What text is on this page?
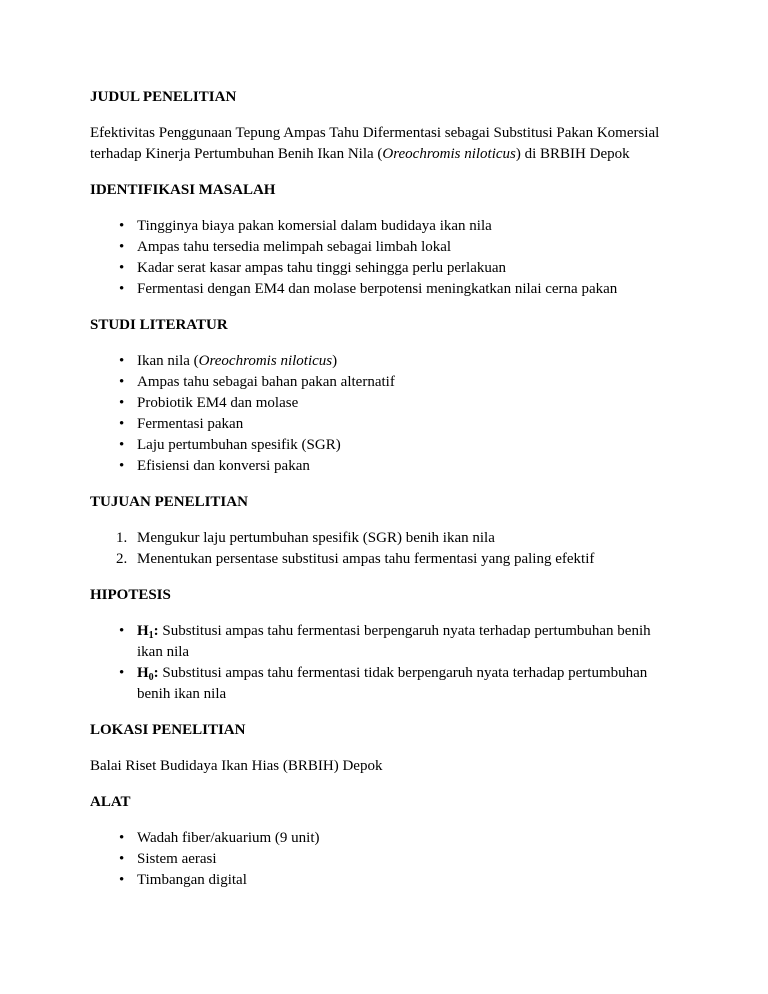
JUDUL PENELITIAN

Efektivitas Penggunaan Tepung Ampas Tahu Difermentasi sebagai Substitusi Pakan Komersial terhadap Kinerja Pertumbuhan Benih Ikan Nila (Oreochromis niloticus) di BRBIH Depok

IDENTIFIKASI MASALAH
• Tingginya biaya pakan komersial dalam budidaya ikan nila
• Ampas tahu tersedia melimpah sebagai limbah lokal
• Kadar serat kasar ampas tahu tinggi sehingga perlu perlakuan
• Fermentasi dengan EM4 dan molase berpotensi meningkatkan nilai cerna pakan
STUDI LITERATUR
• Ikan nila (Oreochromis niloticus)
• Ampas tahu sebagai bahan pakan alternatif
• Probiotik EM4 dan molase
• Fermentasi pakan
• Laju pertumbuhan spesifik (SGR)
• Efisiensi dan konversi pakan
TUJUAN PENELITIAN
1. Mengukur laju pertumbuhan spesifik (SGR) benih ikan nila
2. Menentukan persentase substitusi ampas tahu fermentasi yang paling efektif
HIPOTESIS
• $H_1$: Substitusi ampas tahu fermentasi berpengaruh nyata terhadap pertumbuhan benih ikan nila
• $H_0$: Substitusi ampas tahu fermentasi tidak berpengaruh nyata terhadap pertumbuhan benih ikan nila
LOKASI PENELITIAN

Balai Riset Budidaya Ikan Hias (BRBIH) Depok

ALAT
• Wadah fiber/akuarium (9 unit)
• Sistem aerasi
• Timbangan digital
